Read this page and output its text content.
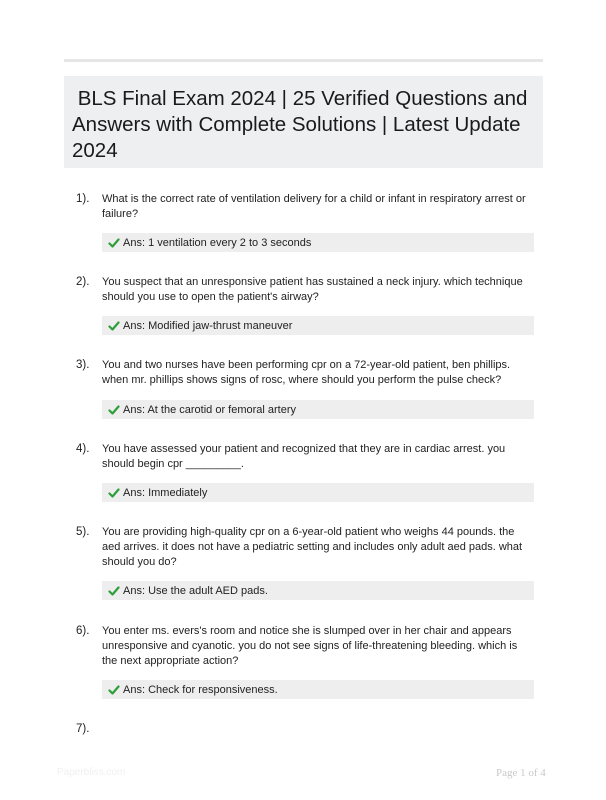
BLS Final Exam 2024 | 25 Verified Questions and Answers with Complete Solutions | Latest Update 2024
1). What is the correct rate of ventilation delivery for a child or infant in respiratory arrest or failure?
Ans: 1 ventilation every 2 to 3 seconds
2). You suspect that an unresponsive patient has sustained a neck injury. which technique should you use to open the patient's airway?
Ans: Modified jaw-thrust maneuver
3). You and two nurses have been performing cpr on a 72-year-old patient, ben phillips. when mr. phillips shows signs of rosc, where should you perform the pulse check?
Ans: At the carotid or femoral artery
4). You have assessed your patient and recognized that they are in cardiac arrest. you should begin cpr _________.
Ans: Immediately
5). You are providing high-quality cpr on a 6-year-old patient who weighs 44 pounds. the aed arrives. it does not have a pediatric setting and includes only adult aed pads. what should you do?
Ans: Use the adult AED pads.
6). You enter ms. evers's room and notice she is slumped over in her chair and appears unresponsive and cyanotic. you do not see signs of life-threatening bleeding. which is the next appropriate action?
Ans: Check for responsiveness.
7).
Paperbliss.com	Page 1 of 4
